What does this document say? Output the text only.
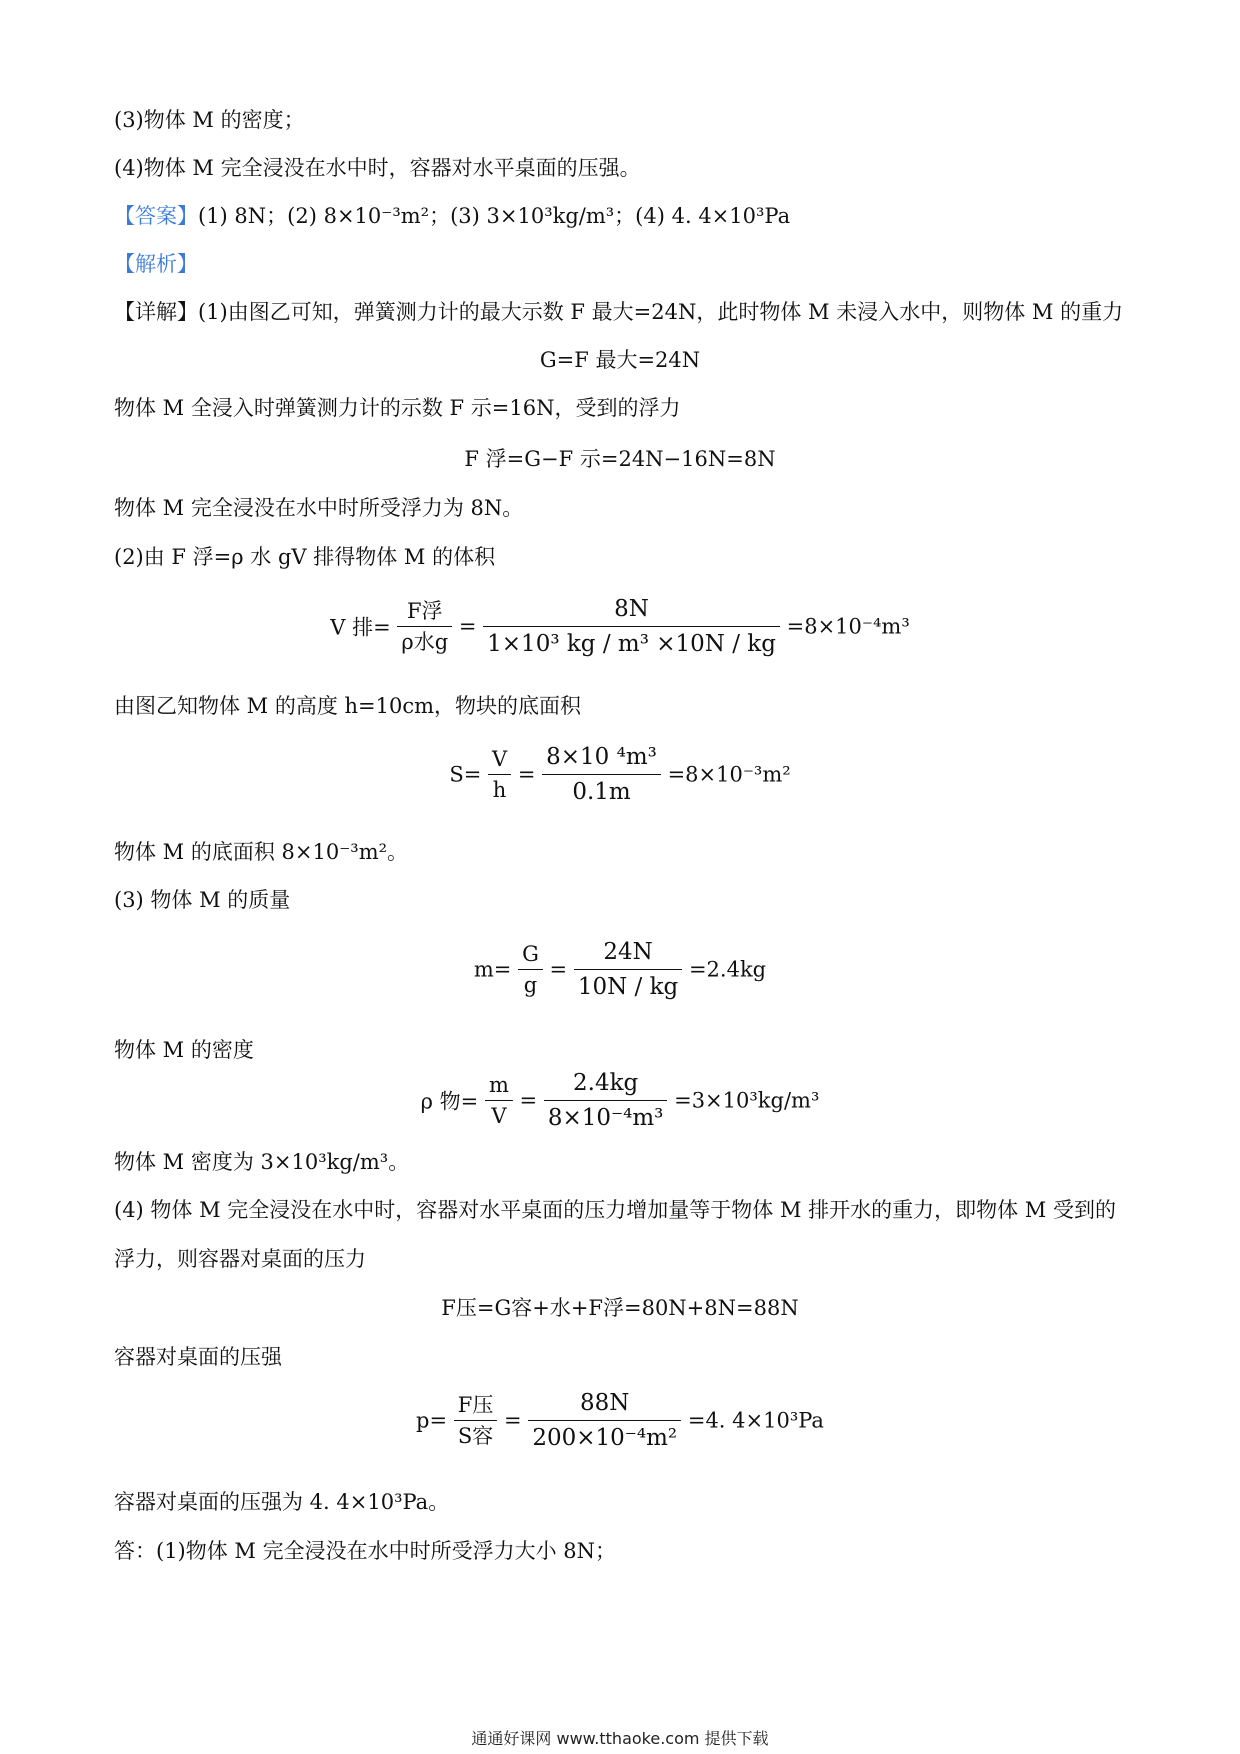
(3)物体 M 的密度；
(4)物体 M 完全浸没在水中时，容器对水平桌面的压强。
【答案】(1) 8N；(2) 8×10⁻³m²；(3) 3×10³kg/m³；(4) 4. 4×10³Pa
【解析】
【详解】(1)由图乙可知，弹簧测力计的最大示数 F 最大=24N，此时物体 M 未浸入水中，则物体 M 的重力
G=F 最大=24N
物体 M 全浸入时弹簧测力计的示数 F 示=16N，受到的浮力
F 浮=G−F 示=24N−16N=8N
物体 M 完全浸没在水中时所受浮力为 8N。
(2)由 F 浮=ρ 水 gV 排得物体 M 的体积
V 排= $\frac{\text{F浮}}{\text{ρ水g}} = \frac{8N}{\text{1×10³ kg / m³ ×10N / kg}} =8\times 10^{-4}m^3$
由图乙知物体 M 的高度 h=10cm，物块的底面积
$S= \frac{V}{h} = \frac{\text{8×10 ⁴m³}}{0.1m} =8\times 10^{-3}m^2$
物体 M 的底面积 8×10⁻³m²。
(3) 物体 M 的质量
$m= \frac{G}{g} = \frac{24N}{10N / kg} =2.4kg$
物体 M 的密度
ρ 物= $\frac{m}{V} = \frac{2.4kg}{\text{8×10⁻⁴m³}} =3\times 10^3kg/m^3$
物体 M 密度为 3×10³kg/m³。
(4) 物体 M 完全浸没在水中时，容器对水平桌面的压力增加量等于物体 M 排开水的重力，即物体 M 受到的
浮力，则容器对桌面的压力
F压=G容+水+F浮=80N+8N=88N
容器对桌面的压强
$p= \frac{\text{F压}}{\text{S容}} = \frac{88N}{\text{200×10⁻⁴m²}} =4$. 4×10³Pa
容器对桌面的压强为 4. 4×10³Pa。
答：(1)物体 M 完全浸没在水中时所受浮力大小 8N；
通通好课网 www.tthaoke.com 提供下载
